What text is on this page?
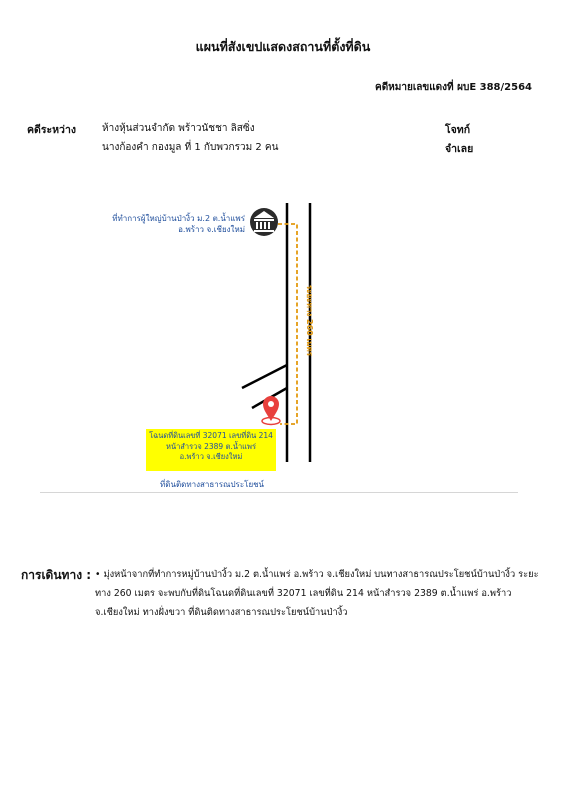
แผนที่สังเขปแสดงสถานที่ตั้งที่ดิน
คดีหมายเลขแดงที่ ผบE 388/2564
คดีระหว่าง	ห้างหุ้นส่วนจำกัด พร้าวนัชชา ลิสซิ่ง
นางก้องคำ กองมูล ที่ 1 กับพวกรวม 2 คน
โจทก์
จำเลย
ที่ทำการผู้ใหญ่บ้านป่างิ้ว ม.2 ต.น้ำแพร่
อ.พร้าว จ.เชียงใหม่
ระยะทาง 260 เมตร
โฉนดที่ดินเลขที่ 32071 เลขที่ดิน 214
หน้าสำรวจ 2389 ต.น้ำแพร่
อ.พร้าว จ.เชียงใหม่
ที่ดินติดทางสาธารณประโยชน์
การเดินทาง : • มุ่งหน้าจากที่ทำการหมู่บ้านป่างิ้ว ม.2 ต.น้ำแพร่ อ.พร้าว จ.เชียงใหม่ บนทางสาธารณประโยชน์บ้านป่างิ้ว ระยะทาง 260 เมตร จะพบกับที่ดินโฉนดที่ดินเลขที่ 32071 เลขที่ดิน 214 หน้าสำรวจ 2389 ต.น้ำแพร่ อ.พร้าว จ.เชียงใหม่ ทางฝั่งขวา ที่ดินติดทางสาธารณประโยชน์บ้านป่างิ้ว
